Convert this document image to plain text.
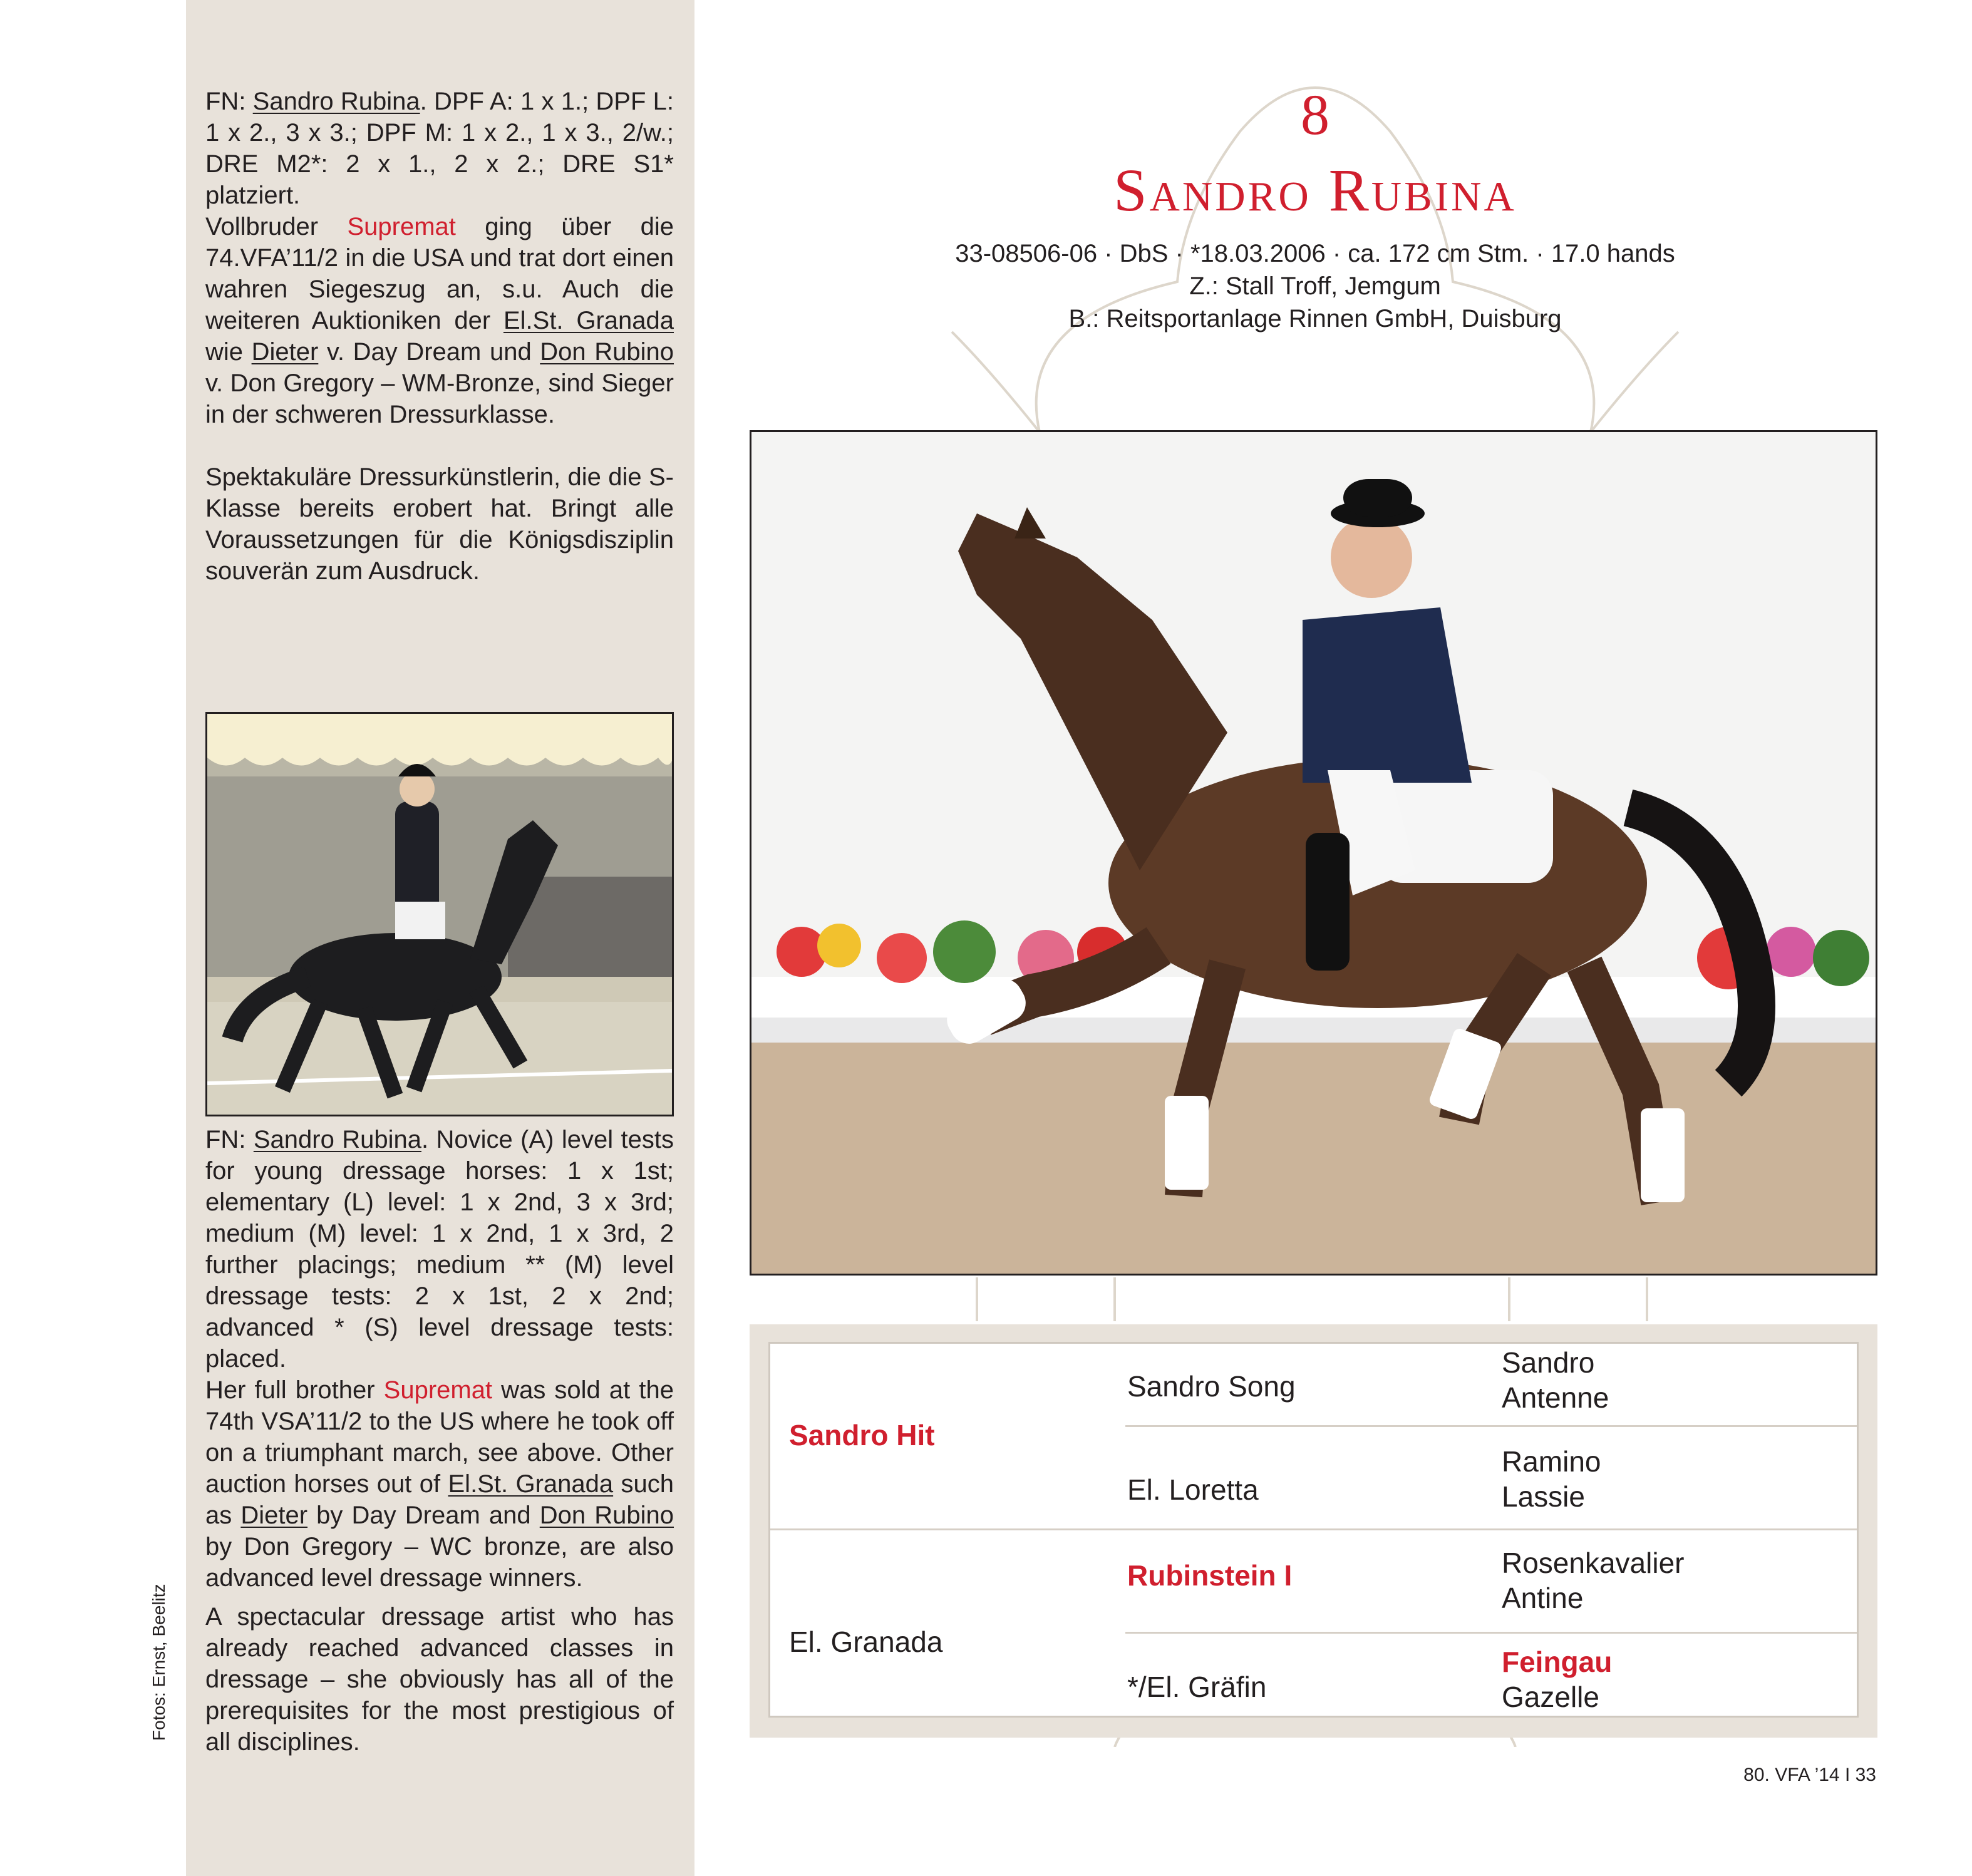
FN: Sandro Rubina. DPF A: 1 x 1.; DPF L: 1 x 2., 3 x 3.; DPF M: 1 x 2., 1 x 3., 2/w.; DRE M2*: 2 x 1., 2 x 2.; DRE S1* platziert.
Vollbruder Supremat ging über die 74.VFA’11/2 in die USA und trat dort einen wahren Siegeszug an, s.u. Auch die weiteren Auktioniken der El.St. Granada wie Dieter v. Day Dream und Don Rubino v. Don Gregory – WM-Bronze, sind Sieger in der schweren Dressurklasse.

Spektakuläre Dressurkünstlerin, die die S-Klasse bereits erobert hat. Bringt alle Voraussetzungen für die Königsdisziplin souverän zum Ausdruck.

FN: Sandro Rubina. Novice (A) level tests for young dressage horses: 1 x 1st; elementary (L) level: 1 x 2nd, 3 x 3rd; medium (M) level: 1 x 2nd, 1 x 3rd, 2 further placings; medium ** (M) level dressage tests: 2 x 1st, 2 x 2nd; advanced * (S) level dressage tests: placed.
Her full brother Supremat was sold at the 74th VSA’11/2 to the US where he took off on a triumphant march, see above. Other auction horses out of El.St. Granada such as Dieter by Day Dream and Don Rubino by Don Gregory – WC bronze, are also advanced level dressage winners.

A spectacular dressage artist who has already reached advanced classes in dressage – she obviously has all of the prerequisites for the most prestigious of all disciplines.

Fotos: Ernst, Beelitz
8
Sandro Rubina
33-08506-06 · DbS · *18.03.2006 · ca. 172 cm Stm. · 17.0 hands
Z.: Stall Troff, Jemgum
B.: Reitsportanlage Rinnen GmbH, Duisburg
Sandro Hit
El. Granada
Sandro Song
El. Loretta
Rubinstein I
*/El. Gräfin
Sandro
Antenne
Ramino
Lassie
Rosenkavalier
Antine
Feingau
Gazelle
80. VFA ’14 I 33
